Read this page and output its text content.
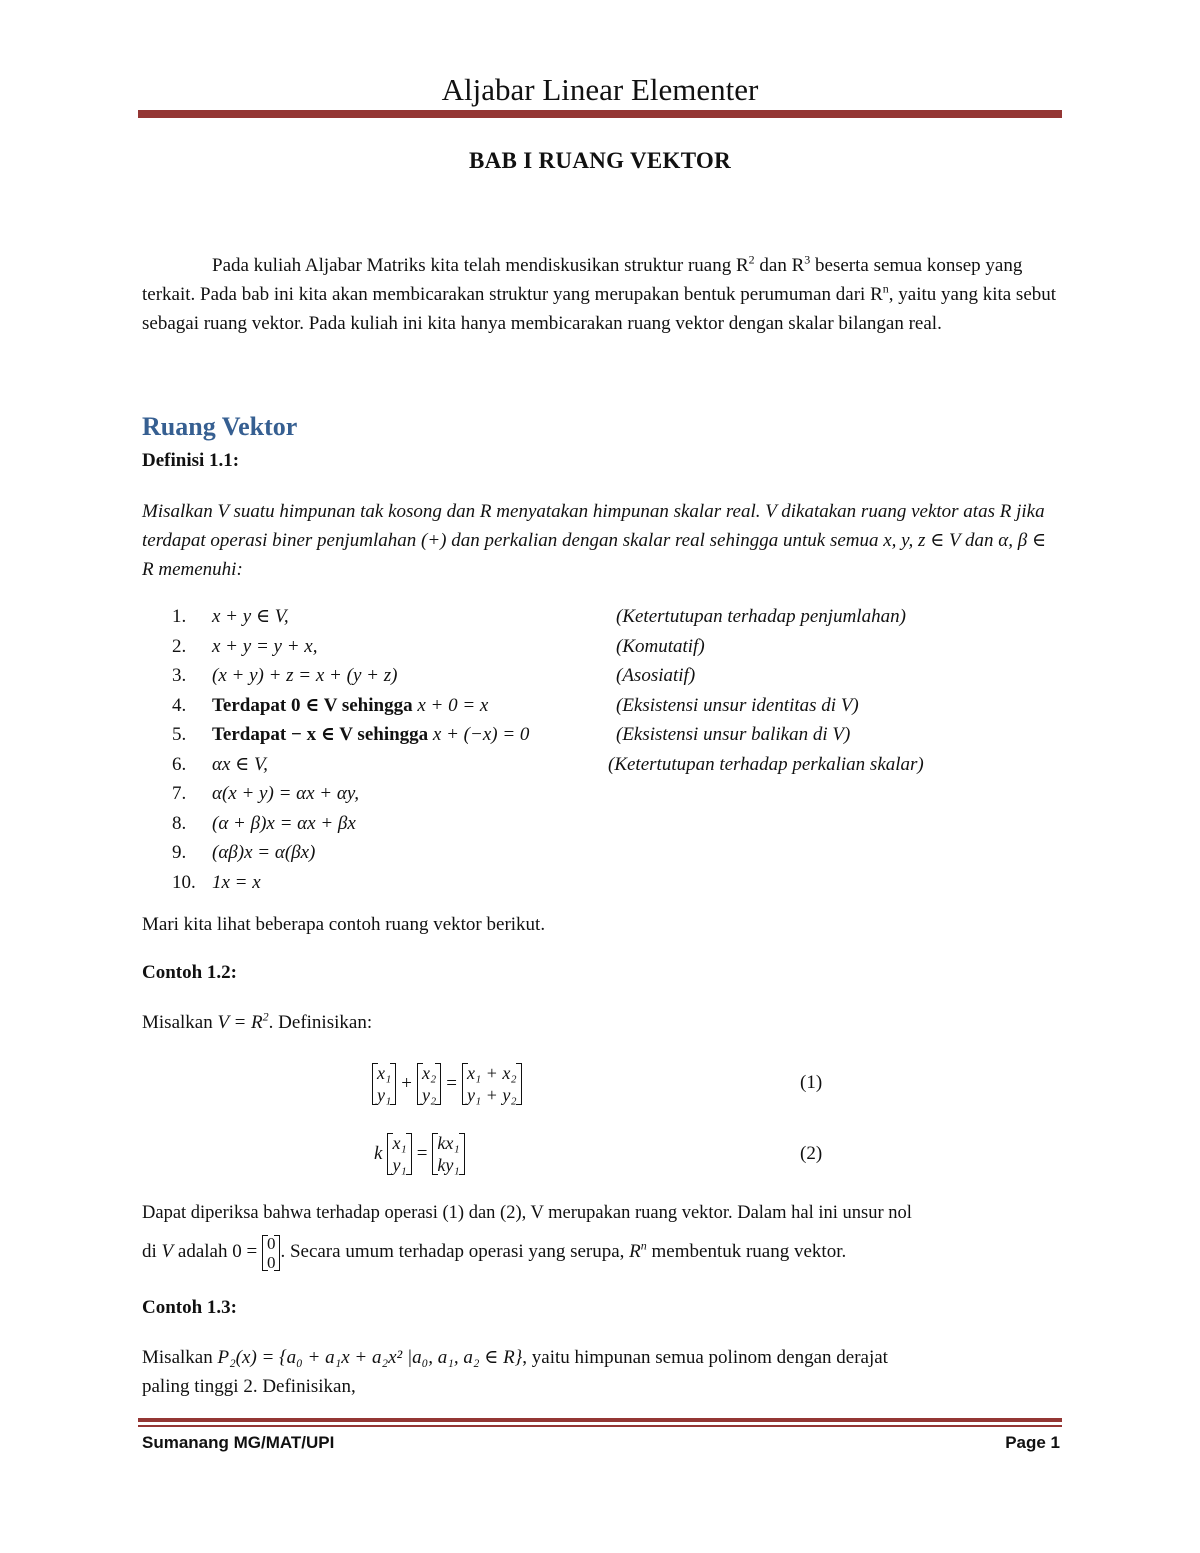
Aljabar Linear Elementer
BAB I RUANG VEKTOR
Pada kuliah Aljabar Matriks kita telah mendiskusikan struktur ruang $R^2$ dan $R^3$ beserta semua konsep yang terkait. Pada bab ini kita akan membicarakan struktur yang merupakan bentuk perumuman dari $R^n$, yaitu yang kita sebut sebagai ruang vektor. Pada kuliah ini kita hanya membicarakan ruang vektor dengan skalar bilangan real.
Ruang Vektor
Definisi 1.1:
Misalkan V suatu himpunan tak kosong dan R menyatakan himpunan skalar real. V dikatakan ruang vektor atas R jika terdapat operasi biner penjumlahan (+) dan perkalian dengan skalar real sehingga untuk semua x, y, z ∈ V dan α, β ∈ R memenuhi:
1. x + y ∈ V,	(Ketertutupan terhadap penjumlahan)
2. x + y = y + x,	(Komutatif)
3. (x + y) + z = x + (y + z)	(Asosiatif)
4. Terdapat 0 ∈ V sehingga x + 0 = x	(Eksistensi unsur identitas di V)
5. Terdapat − x ∈ V sehingga x + (−x) = 0	(Eksistensi unsur balikan di V)
6. αx ∈ V,	(Ketertutupan terhadap perkalian skalar)
7. α(x + y) = αx + αy,
8. (α + β)x = αx + βx
9. (αβ)x = α(βx)
10. 1x = x
Mari kita lihat beberapa contoh ruang vektor berikut.
Contoh 1.2:
Misalkan $V = R^2$. Definisikan:
x₁
y₁
+ x₂
y₂
= x₁ + x₂
y₁ + y₂
(1)
k x₁
y₁
= kx₁
ky₁
(2)
Dapat diperiksa bahwa terhadap operasi (1) dan (2), V merupakan ruang vektor. Dalam hal ini unsur nol
di V adalah 0 = 0
0
. Secara umum terhadap operasi yang serupa, $R^n$ membentuk ruang vektor.
Contoh 1.3:
Misalkan P₂(x) = {a₀ + a₁x + a₂x² |a₀, a₁, a₂ ∈ R}, yaitu himpunan semua polinom dengan derajat
paling tinggi 2. Definisikan,
Sumanang MG/MAT/UPI	Page 1
